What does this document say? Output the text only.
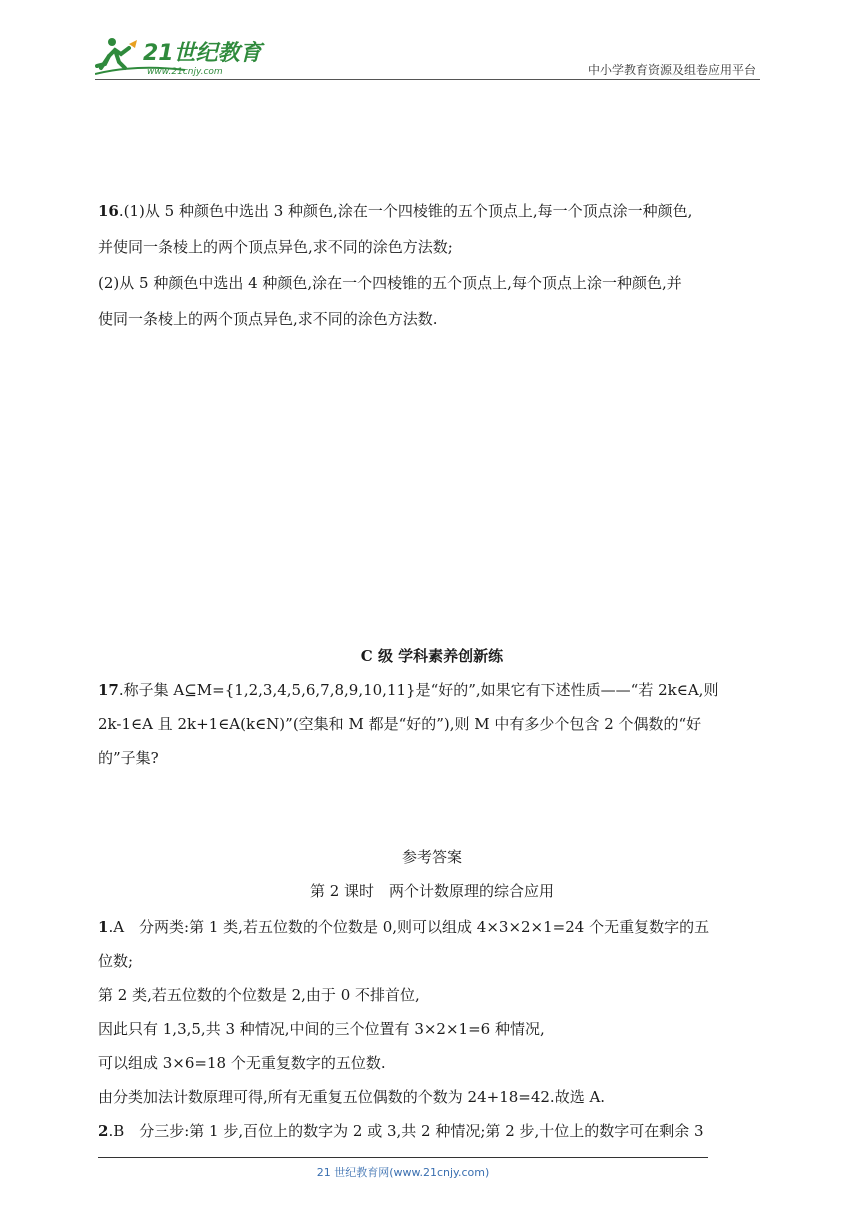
21世纪教育
www.21cnjy.com	中小学教育资源及组卷应用平台

16.(1)从 5 种颜色中选出 3 种颜色,涂在一个四棱锥的五个顶点上,每一个顶点涂一种颜色,

并使同一条棱上的两个顶点异色,求不同的涂色方法数;

(2)从 5 种颜色中选出 4 种颜色,涂在一个四棱锥的五个顶点上,每个顶点上涂一种颜色,并

使同一条棱上的两个顶点异色,求不同的涂色方法数.

C 级 学科素养创新练

17.称子集 A⊆M={1,2,3,4,5,6,7,8,9,10,11}是“好的”,如果它有下述性质——“若 2k∈A,则

2k-1∈A 且 2k+1∈A(k∈N)”(空集和 M 都是“好的”),则 M 中有多少个包含 2 个偶数的“好

的”子集?

参考答案

第 2 课时　两个计数原理的综合应用

1.A　分两类:第 1 类,若五位数的个位数是 0,则可以组成 4×3×2×1=24 个无重复数字的五

位数;

第 2 类,若五位数的个位数是 2,由于 0 不排首位,

因此只有 1,3,5,共 3 种情况,中间的三个位置有 3×2×1=6 种情况,

可以组成 3×6=18 个无重复数字的五位数.

由分类加法计数原理可得,所有无重复五位偶数的个数为 24+18=42.故选 A.

2.B　分三步:第 1 步,百位上的数字为 2 或 3,共 2 种情况;第 2 步,十位上的数字可在剩余 3

21 世纪教育网(www.21cnjy.com)
